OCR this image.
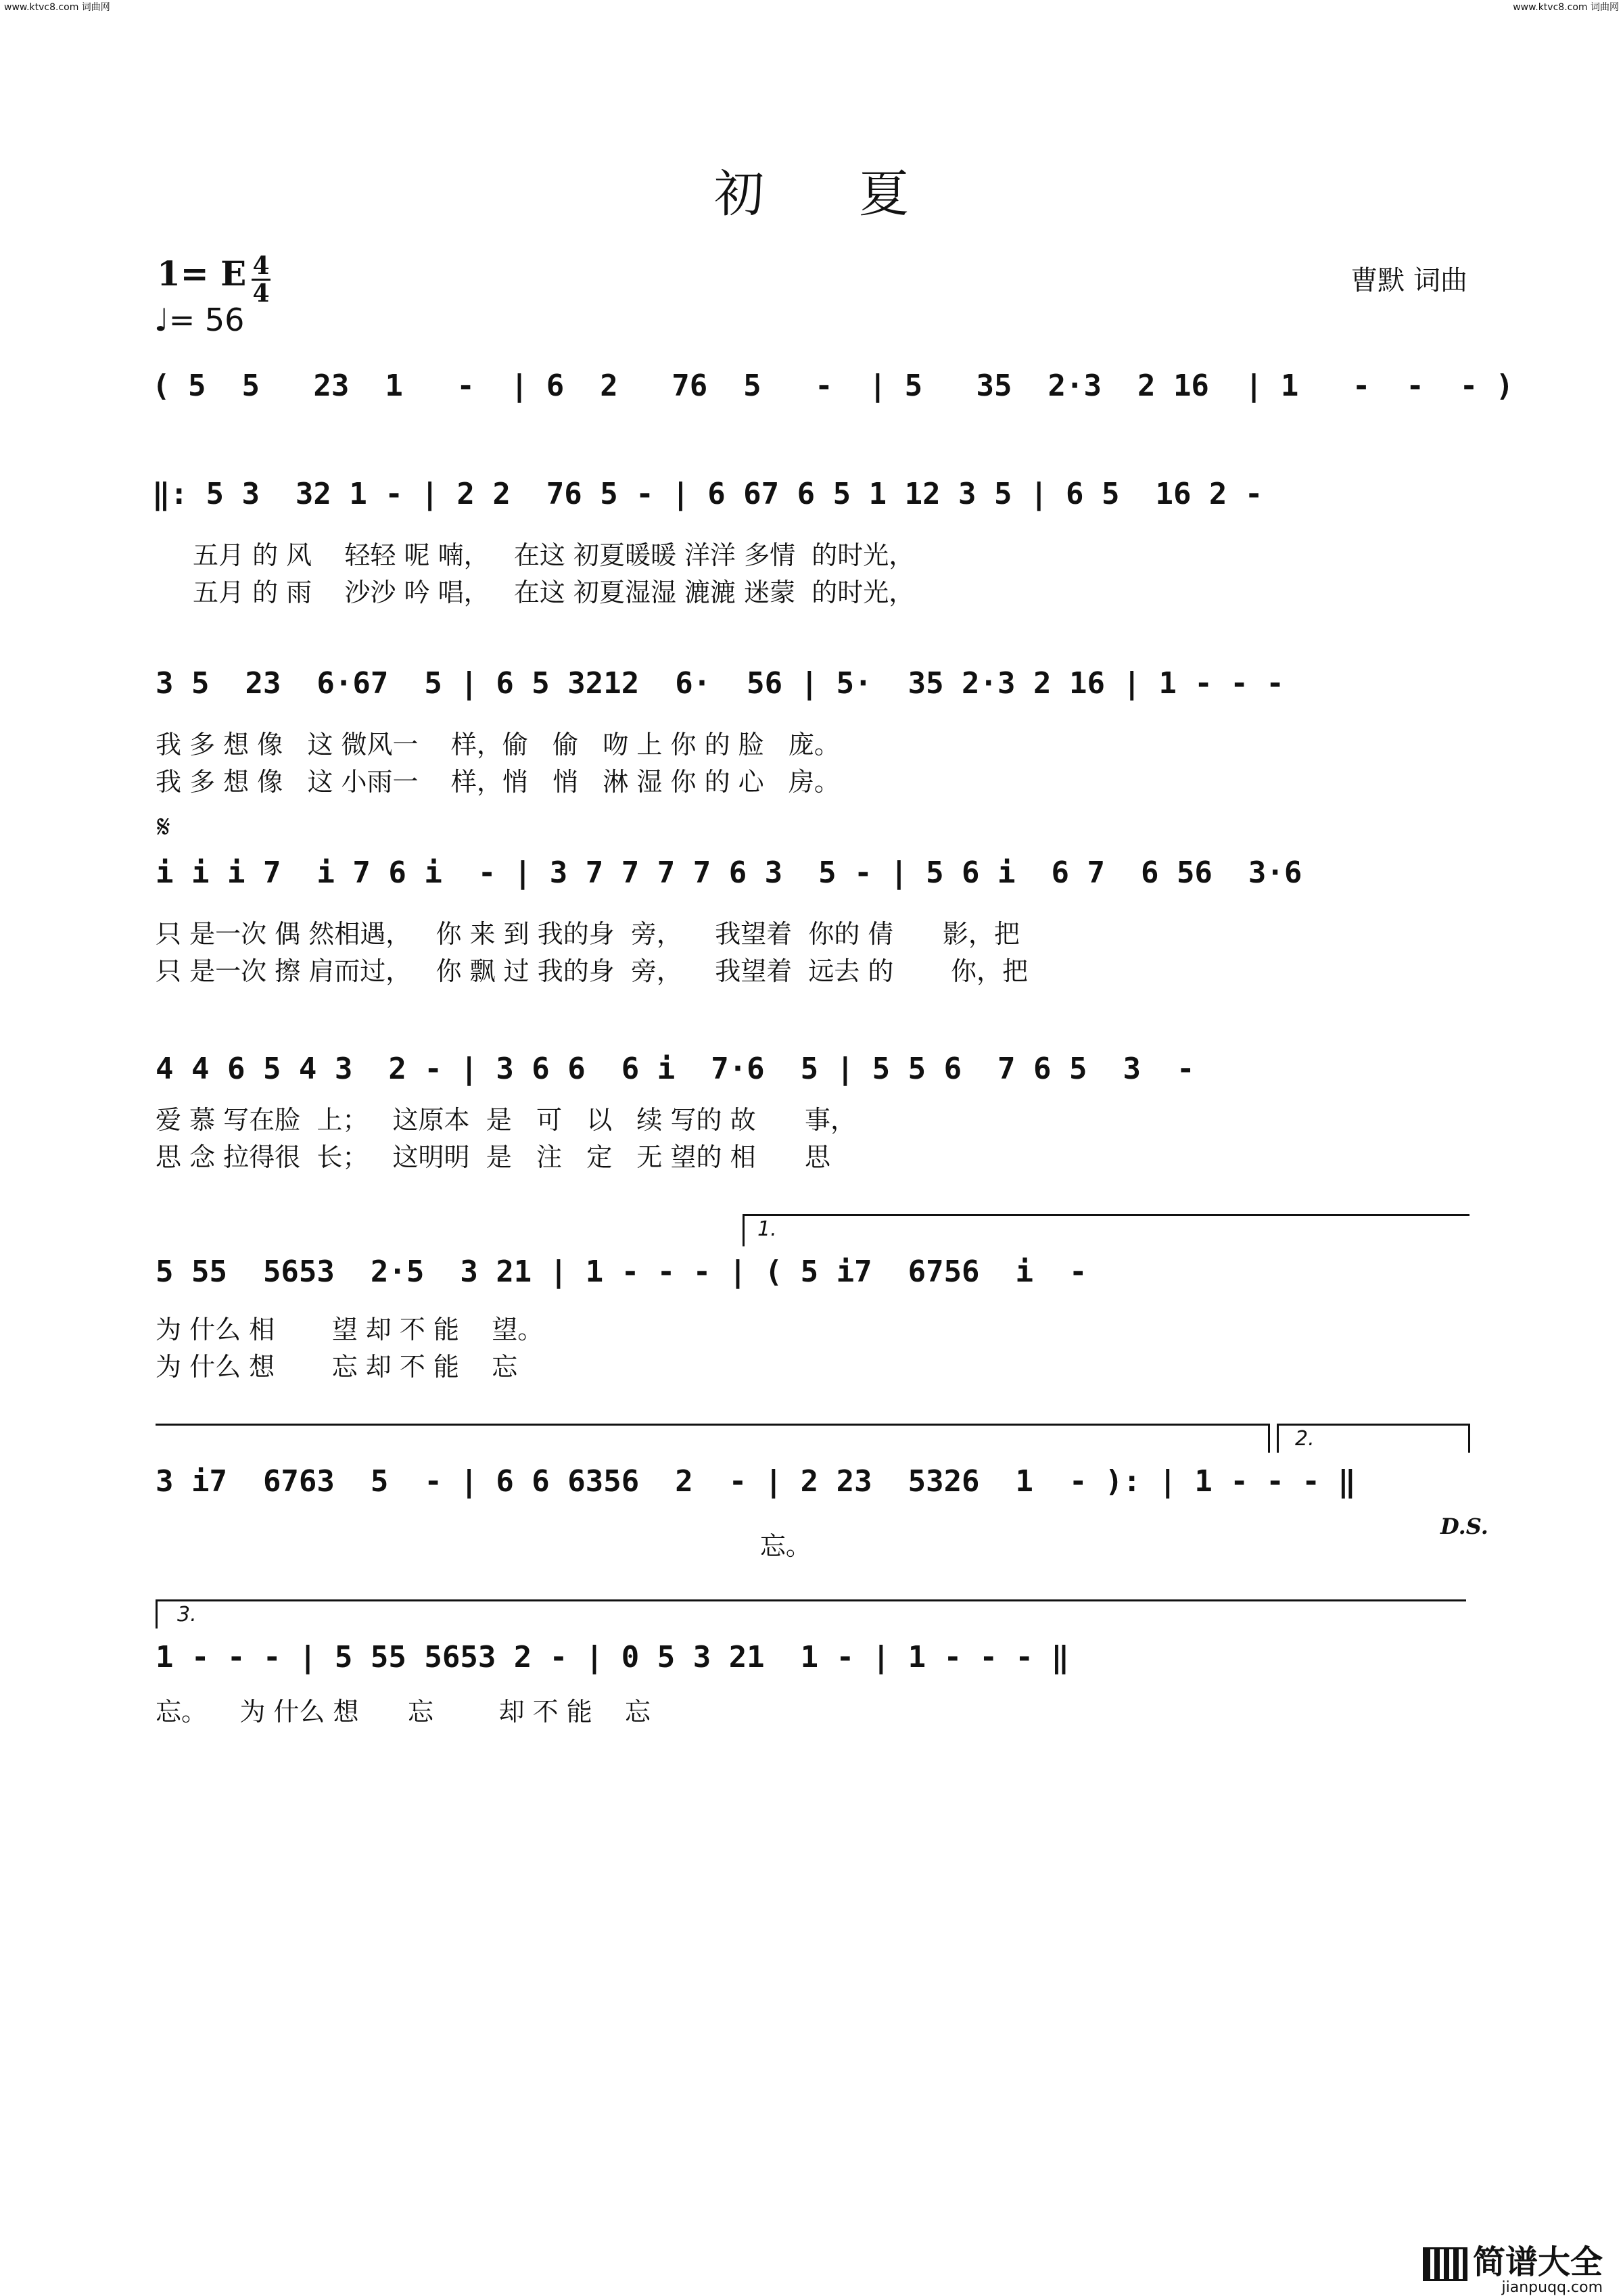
www.ktvc8.com 词曲网	www.ktvc8.com 词曲网
初夏
1= E 4
4
♩= 56
曹默 词曲
( 5  5   23  1   -  | 6  2   76  5   -  | 5   35  2·3  2 16  | 1   -  -  - )
‖: 5 3  32 1 - | 2 2  76 5 - | 6 67 6 5 1 12 3 5 | 6 5  16 2 -
五月 的 风    轻轻 呢 喃，   在这 初夏暖暖 洋洋 多情  的时光，
五月 的 雨    沙沙 吟 唱，   在这 初夏湿湿 漉漉 迷蒙  的时光，
3 5  23  6·67  5 | 6 5 3212  6·  56 | 5·  35 2·3 2 16 | 1 - - -
我 多 想 像   这 微风一    样，偷   偷   吻 上 你 的 脸   庞。
我 多 想 像   这 小雨一    样，悄   悄   淋 湿 你 的 心   房。
𝄋
i i i 7  i 7 6 i  - | 3 7 7 7 7 6 3  5 - | 5 6 i  6 7  6 56  3·6
只 是一次 偶 然相遇，   你 来 到 我的身  旁，    我望着  你的 倩      影，把
只 是一次 擦 肩而过，   你 飘 过 我的身  旁，    我望着  远去 的       你，把
4 4 6 5 4 3  2 - | 3 6 6  6 i  7·6  5 | 5 5 6  7 6 5  3  -
爱 慕 写在脸  上；   这原本  是   可   以   续 写的 故      事，
思 念 拉得很  长；   这明明  是   注   定   无 望的 相      思
1.
5 55  5653  2·5  3 21 | 1 - - - | ( 5 i7  6756  i  -
为 什么 相       望 却 不 能    望。
为 什么 想       忘 却 不 能    忘
2.
3 i7  6763  5  - | 6 6 6356  2  - | 2 23  5326  1  - ): | 1 - - - ‖
忘。
D.S.
3.
1 - - - | 5 55 5653 2 - | 0 5 3 21  1 - | 1 - - - ‖
忘。    为 什么 想      忘        却 不 能    忘
简谱大全
jianpuqq.com
